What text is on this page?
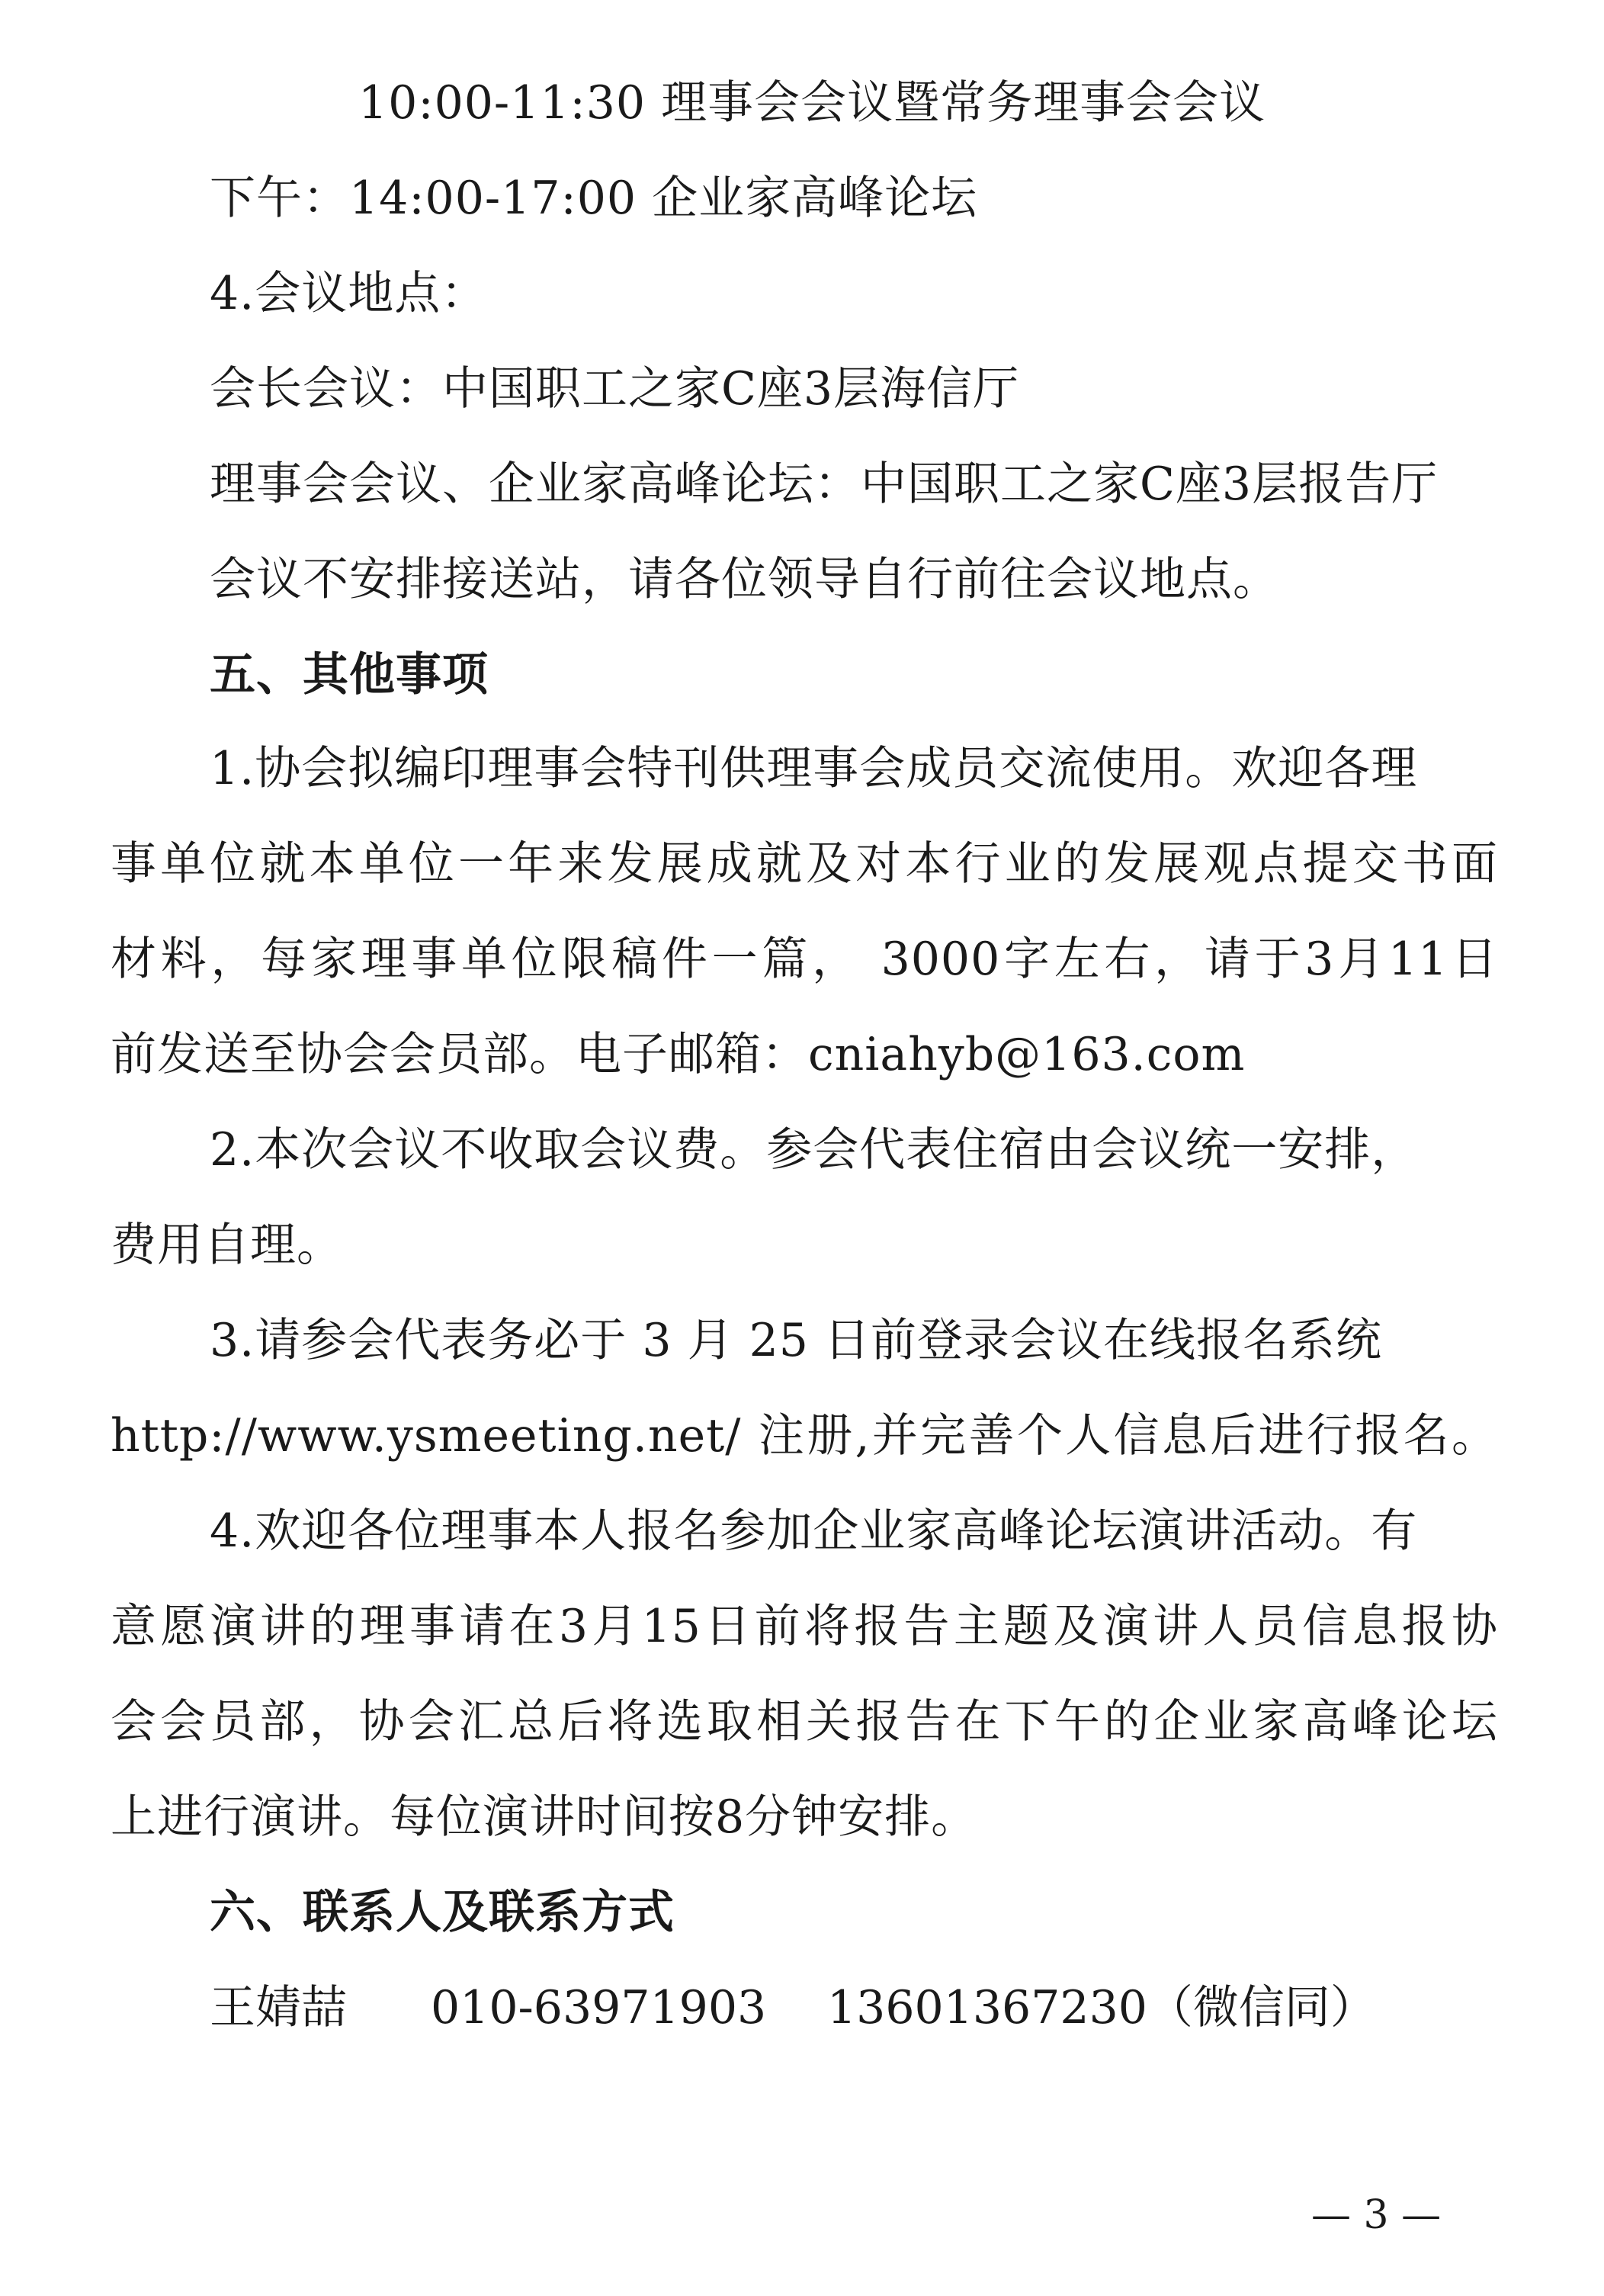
10:00-11:30 理事会会议暨常务理事会会议
下午：14:00-17:00 企业家高峰论坛
4.会议地点：
会长会议：中国职工之家C座3层海信厅
理事会会议、企业家高峰论坛：中国职工之家C座3层报告厅
会议不安排接送站，请各位领导自行前往会议地点。
五、其他事项
1.协会拟编印理事会特刊供理事会成员交流使用。欢迎各理
事单位就本单位一年来发展成就及对本行业的发展观点提交书面
材料，每家理事单位限稿件一篇， 3000字左右，请于3月11日
前发送至协会会员部。电子邮箱：cniahyb@163.com
2.本次会议不收取会议费。参会代表住宿由会议统一安排，
费用自理。
3.请参会代表务必于 3 月 25 日前登录会议在线报名系统
http://www.ysmeeting.net/ 注册,并完善个人信息后进行报名。
4.欢迎各位理事本人报名参加企业家高峰论坛演讲活动。有
意愿演讲的理事请在3月15日前将报告主题及演讲人员信息报协
会会员部，协会汇总后将选取相关报告在下午的企业家高峰论坛
上进行演讲。每位演讲时间按8分钟安排。
六、联系人及联系方式
王婧喆 010-63971903 13601367230（微信同）
— 3 —
